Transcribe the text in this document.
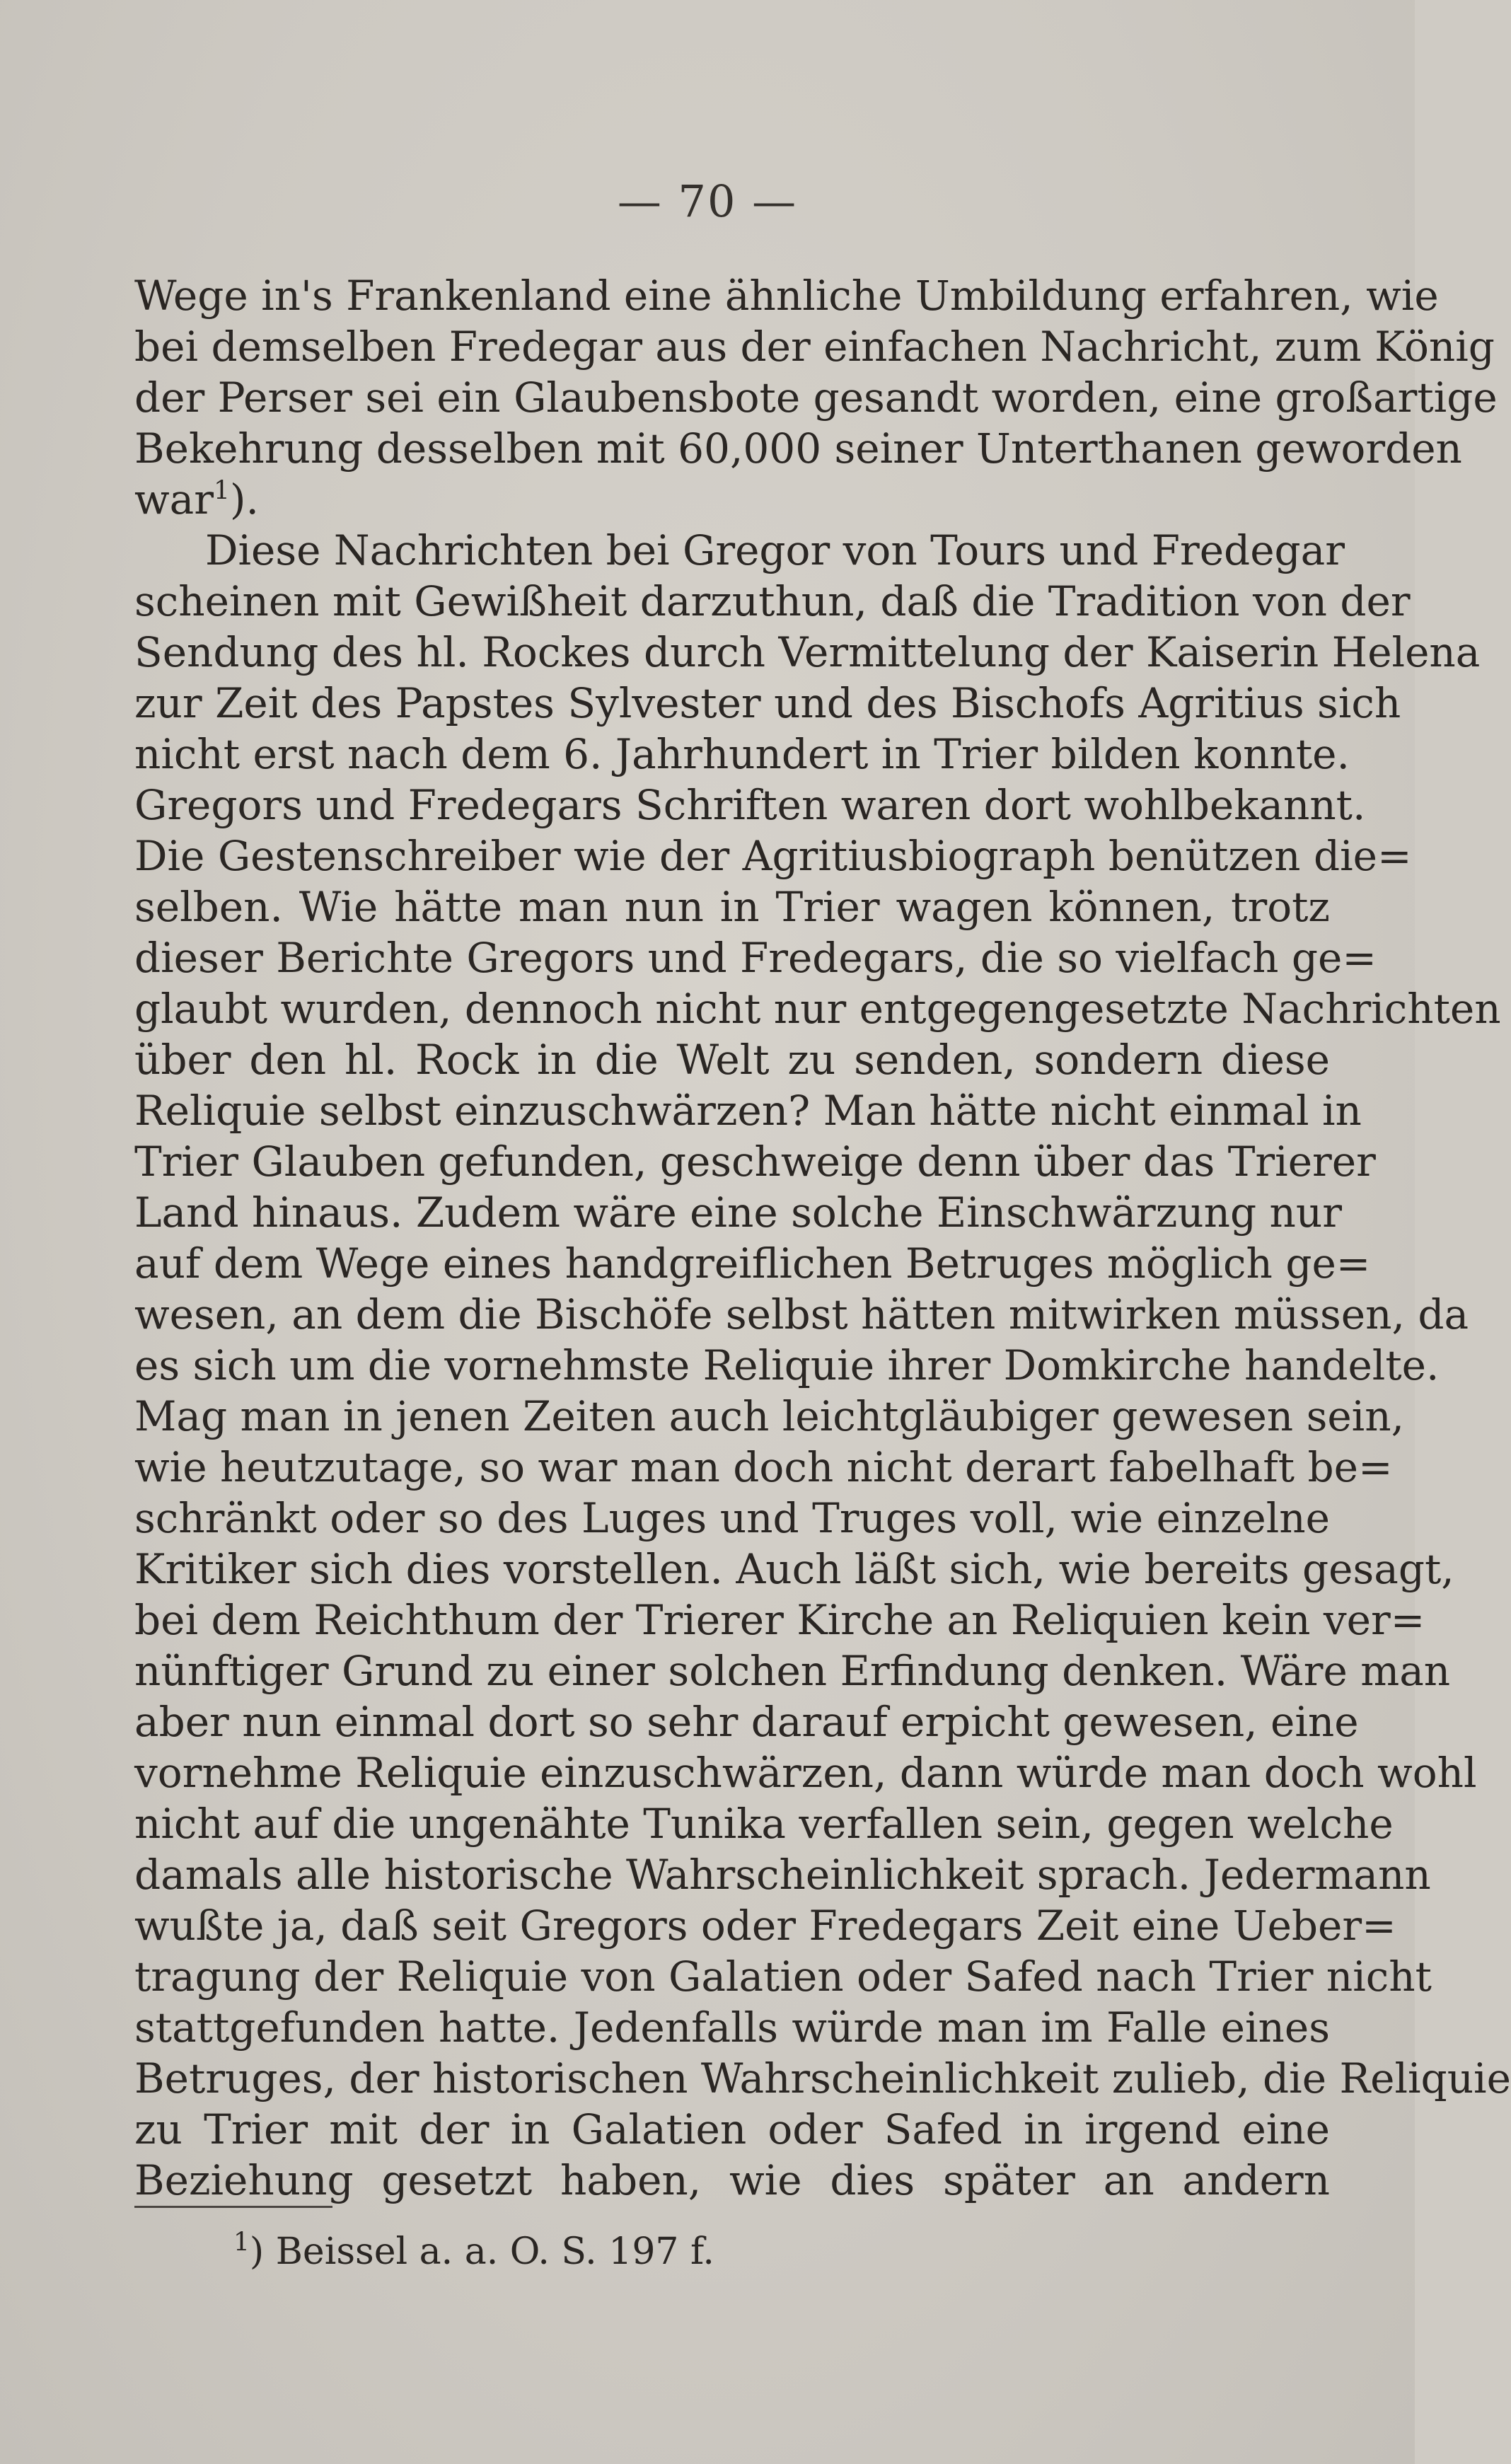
— 70 —
Wege in's Frankenland eine ähnliche Umbildung erfahren, wie
bei demselben Fredegar aus der einfachen Nachricht, zum König
der Perser sei ein Glaubensbote gesandt worden, eine großartige
Bekehrung desselben mit 60,000 seiner Unterthanen geworden
war$^1$).
Diese Nachrichten bei Gregor von Tours und Fredegar
scheinen mit Gewißheit darzuthun, daß die Tradition von der
Sendung des hl. Rockes durch Vermittelung der Kaiserin Helena
zur Zeit des Papstes Sylvester und des Bischofs Agritius sich
nicht erst nach dem 6. Jahrhundert in Trier bilden konnte.
Gregors und Fredegars Schriften waren dort wohlbekannt.
Die Gestenschreiber wie der Agritiusbiograph benützen die=
selben. Wie hätte man nun in Trier wagen können, trotz
dieser Berichte Gregors und Fredegars, die so vielfach ge=
glaubt wurden, dennoch nicht nur entgegengesetzte Nachrichten
über den hl. Rock in die Welt zu senden, sondern diese
Reliquie selbst einzuschwärzen? Man hätte nicht einmal in
Trier Glauben gefunden, geschweige denn über das Trierer
Land hinaus. Zudem wäre eine solche Einschwärzung nur
auf dem Wege eines handgreiflichen Betruges möglich ge=
wesen, an dem die Bischöfe selbst hätten mitwirken müssen, da
es sich um die vornehmste Reliquie ihrer Domkirche handelte.
Mag man in jenen Zeiten auch leichtgläubiger gewesen sein,
wie heutzutage, so war man doch nicht derart fabelhaft be=
schränkt oder so des Luges und Truges voll, wie einzelne
Kritiker sich dies vorstellen. Auch läßt sich, wie bereits gesagt,
bei dem Reichthum der Trierer Kirche an Reliquien kein ver=
nünftiger Grund zu einer solchen Erfindung denken. Wäre man
aber nun einmal dort so sehr darauf erpicht gewesen, eine
vornehme Reliquie einzuschwärzen, dann würde man doch wohl
nicht auf die ungenähte Tunika verfallen sein, gegen welche
damals alle historische Wahrscheinlichkeit sprach. Jedermann
wußte ja, daß seit Gregors oder Fredegars Zeit eine Ueber=
tragung der Reliquie von Galatien oder Safed nach Trier nicht
stattgefunden hatte. Jedenfalls würde man im Falle eines
Betruges, der historischen Wahrscheinlichkeit zulieb, die Reliquie
zu Trier mit der in Galatien oder Safed in irgend eine
Beziehung gesetzt haben, wie dies später an andern
$^1$) Beissel a. a. O. S. 197 f.
